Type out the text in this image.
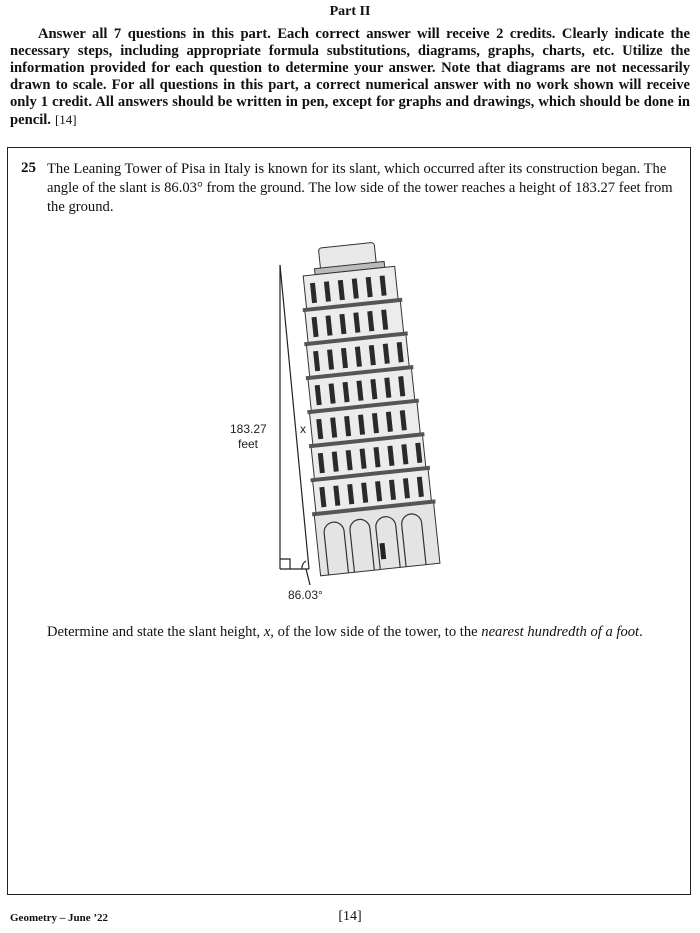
Part II
Answer all 7 questions in this part. Each correct answer will receive 2 credits. Clearly indicate the necessary steps, including appropriate formula substitutions, diagrams, graphs, charts, etc. Utilize the information provided for each question to determine your answer. Note that diagrams are not necessarily drawn to scale. For all questions in this part, a correct numerical answer with no work shown will receive only 1 credit. All answers should be written in pen, except for graphs and drawings, which should be done in pencil. [14]
25 The Leaning Tower of Pisa in Italy is known for its slant, which occurred after its construction began. The angle of the slant is 86.03° from the ground. The low side of the tower reaches a height of 183.27 feet from the ground.
183.27
feet
x
86.03°
Determine and state the slant height, x, of the low side of the tower, to the nearest hundredth of a foot.
Geometry – June ’22	[14]
